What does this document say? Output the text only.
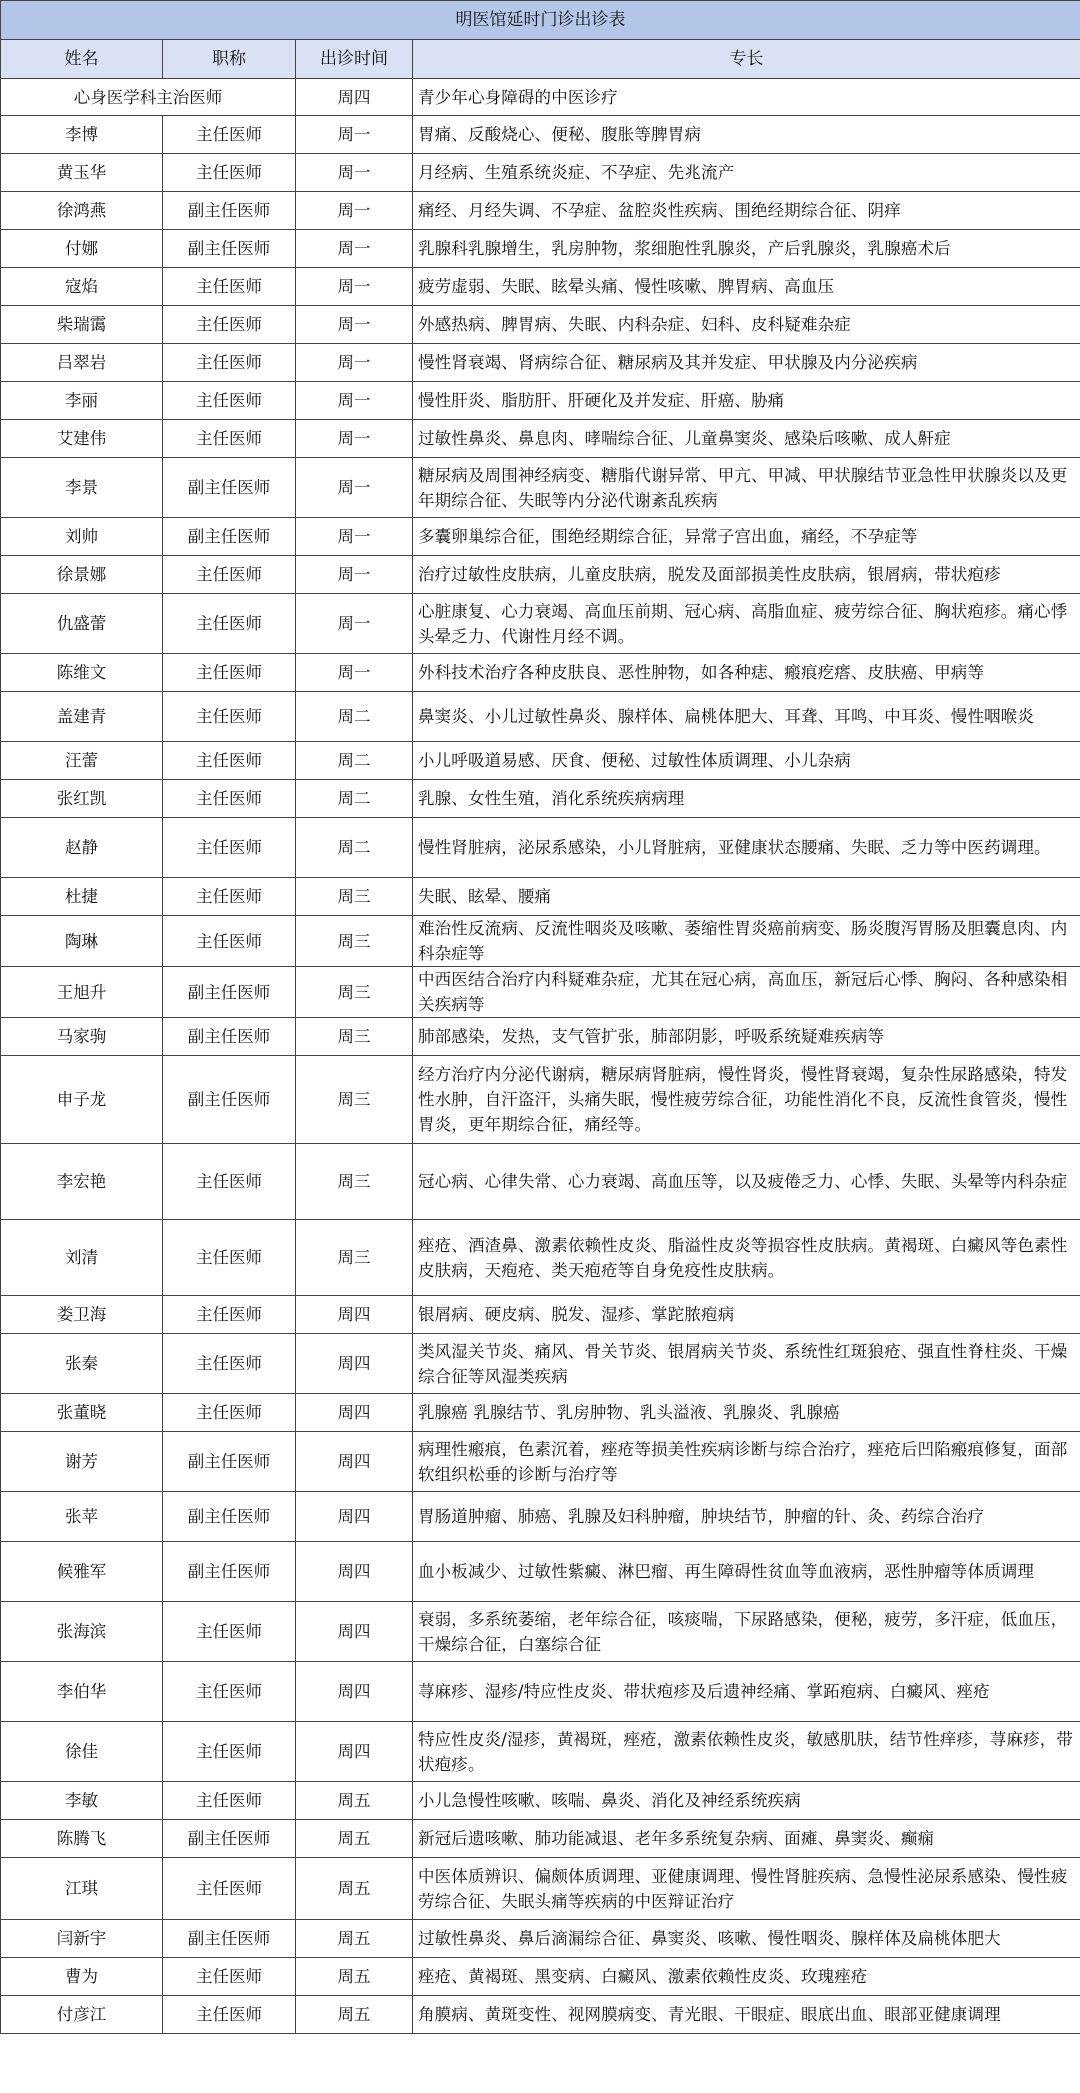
明医馆延时门诊出诊表			
姓名	职称	出诊时间	专长
心身医学科主治医师		周四	青少年心身障碍的中医诊疗
李博	主任医师	周一	胃痛、反酸烧心、便秘、腹胀等脾胃病
黄玉华	主任医师	周一	月经病、生殖系统炎症、不孕症、先兆流产
徐鸿燕	副主任医师	周一	痛经、月经失调、不孕症、盆腔炎性疾病、围绝经期综合征、阴痒
付娜	副主任医师	周一	乳腺科乳腺增生，乳房肿物，浆细胞性乳腺炎，产后乳腺炎，乳腺癌术后
寇焰	主任医师	周一	疲劳虚弱、失眠、眩晕头痛、慢性咳嗽、脾胃病、高血压
柴瑞霭	主任医师	周一	外感热病、脾胃病、失眠、内科杂症、妇科、皮科疑难杂症
吕翠岩	主任医师	周一	慢性肾衰竭、肾病综合征、糖尿病及其并发症、甲状腺及内分泌疾病
李丽	主任医师	周一	慢性肝炎、脂肪肝、肝硬化及并发症、肝癌、胁痛
艾建伟	主任医师	周一	过敏性鼻炎、鼻息肉、哮喘综合征、儿童鼻窦炎、感染后咳嗽、成人鼾症
李景	副主任医师	周一	糖尿病及周围神经病变、糖脂代谢异常、甲亢、甲减、甲状腺结节亚急性甲状腺炎以及更年期综合征、失眠等内分泌代谢紊乱疾病
刘帅	副主任医师	周一	多囊卵巢综合征，围绝经期综合征，异常子宫出血，痛经，不孕症等
徐景娜	主任医师	周一	治疗过敏性皮肤病，儿童皮肤病，脱发及面部损美性皮肤病，银屑病，带状疱疹
仇盛蕾	主任医师	周一	心脏康复、心力衰竭、高血压前期、冠心病、高脂血症、疲劳综合征、胸状疱疹。痛心悸头晕乏力、代谢性月经不调。
陈维文	主任医师	周一	外科技术治疗各种皮肤良、恶性肿物，如各种痣、瘢痕疙瘩、皮肤癌、甲病等
盖建青	主任医师	周二	鼻窦炎、小儿过敏性鼻炎、腺样体、扁桃体肥大、耳聋、耳鸣、中耳炎、慢性咽喉炎
汪蕾	主任医师	周二	小儿呼吸道易感、厌食、便秘、过敏性体质调理、小儿杂病
张红凯	主任医师	周二	乳腺、女性生殖，消化系统疾病病理
赵静	主任医师	周二	慢性肾脏病，泌尿系感染，小儿肾脏病，亚健康状态腰痛、失眠、乏力等中医药调理。
杜捷	主任医师	周三	失眠、眩晕、腰痛
陶琳	主任医师	周三	难治性反流病、反流性咽炎及咳嗽、萎缩性胃炎癌前病变、肠炎腹泻胃肠及胆囊息肉、内科杂症等
王旭升	副主任医师	周三	中西医结合治疗内科疑难杂症，尤其在冠心病，高血压，新冠后心悸、胸闷、各种感染相关疾病等
马家驹	副主任医师	周三	肺部感染，发热，支气管扩张，肺部阴影，呼吸系统疑难疾病等
申子龙	副主任医师	周三	经方治疗内分泌代谢病，糖尿病肾脏病，慢性肾炎，慢性肾衰竭，复杂性尿路感染，特发性水肿，自汗盗汗，头痛失眠，慢性疲劳综合征，功能性消化不良，反流性食管炎，慢性胃炎，更年期综合征，痛经等。
李宏艳	主任医师	周三	冠心病、心律失常、心力衰竭、高血压等，以及疲倦乏力、心悸、失眠、头晕等内科杂症
刘清	主任医师	周三	痤疮、酒渣鼻、激素依赖性皮炎、脂溢性皮炎等损容性皮肤病。黄褐斑、白癜风等色素性皮肤病，天疱疮、类天疱疮等自身免疫性皮肤病。
娄卫海	主任医师	周四	银屑病、硬皮病、脱发、湿疹、掌跎脓疱病
张秦	主任医师	周四	类风湿关节炎、痛风、骨关节炎、银屑病关节炎、系统性红斑狼疮、强直性脊柱炎、干燥综合征等风湿类疾病
张董晓	主任医师	周四	乳腺癌 乳腺结节、乳房肿物、乳头溢液、乳腺炎、乳腺癌
谢芳	副主任医师	周四	病理性瘢痕，色素沉着，痤疮等损美性疾病诊断与综合治疗，痤疮后凹陷瘢痕修复，面部软组织松垂的诊断与治疗等
张苹	副主任医师	周四	胃肠道肿瘤、肺癌、乳腺及妇科肿瘤，肿块结节，肿瘤的针、灸、药综合治疗
候雅军	副主任医师	周四	血小板减少、过敏性紫癜、淋巴瘤、再生障碍性贫血等血液病，恶性肿瘤等体质调理
张海滨	主任医师	周四	衰弱，多系统萎缩，老年综合征，咳痰喘，下尿路感染，便秘，疲劳，多汗症，低血压，干燥综合征，白塞综合征
李伯华	主任医师	周四	荨麻疹、湿疹/特应性皮炎、带状疱疹及后遗神经痛、掌跖疱病、白癜风、痤疮
徐佳	主任医师	周四	特应性皮炎/湿疹，黄褐斑，痤疮，激素依赖性皮炎，敏感肌肤，结节性痒疹，荨麻疹，带状疱疹。
李敏	主任医师	周五	小儿急慢性咳嗽、咳喘、鼻炎、消化及神经系统疾病
陈腾飞	副主任医师	周五	新冠后遗咳嗽、肺功能减退、老年多系统复杂病、面瘫、鼻窦炎、癫痫
江琪	主任医师	周五	中医体质辨识、偏颇体质调理、亚健康调理、慢性肾脏疾病、急慢性泌尿系感染、慢性疲劳综合征、失眠头痛等疾病的中医辩证治疗
闫新宇	副主任医师	周五	过敏性鼻炎、鼻后滴漏综合征、鼻窦炎、咳嗽、慢性咽炎、腺样体及扁桃体肥大
曹为	主任医师	周五	痤疮、黄褐斑、黑变病、白癜风、激素依赖性皮炎、玫瑰痤疮
付彦江	主任医师	周五	角膜病、黄斑变性、视网膜病变、青光眼、干眼症、眼底出血、眼部亚健康调理
